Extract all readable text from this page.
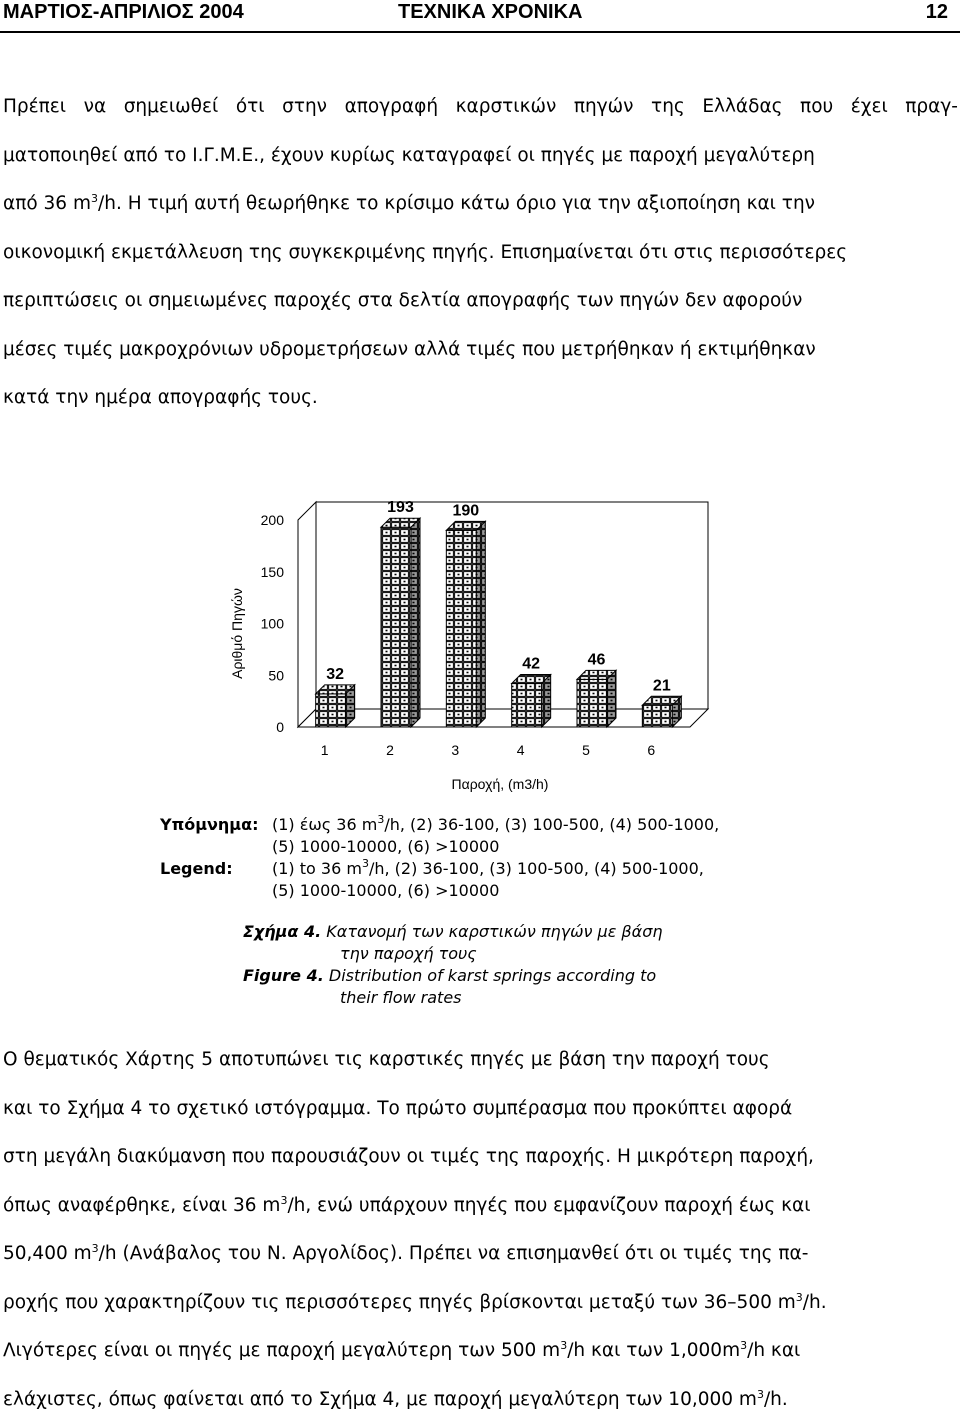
ΜΑΡΤΙΟΣ-ΑΠΡΙΛΙΟΣ 2004	ΤΕΧΝΙΚΑ ΧΡΟΝΙΚΑ	12
Πρέπει να σημειωθεί ότι στην απογραφή καρστικών πηγών της Ελλάδας που έχει πραγ-
ματοποιηθεί από το Ι.Γ.Μ.Ε., έχουν κυρίως καταγραφεί οι πηγές με παροχή μεγαλύτερη
από 36 $m^3/h$. Η τιμή αυτή θεωρήθηκε το κρίσιμο κάτω όριο για την αξιοποίηση και την
οικονομική εκμετάλλευση της συγκεκριμένης πηγής. Επισημαίνεται ότι στις περισσότερες
περιπτώσεις οι σημειωμένες παροχές στα δελτία απογραφής των πηγών δεν αφορούν
μέσες τιμές μακροχρόνιων υδρομετρήσεων αλλά τιμές που μετρήθηκαν ή εκτιμήθηκαν
κατά την ημέρα απογραφής τους.
0
50
100
150
200
Αριθμό Πηγών	32
1
193
2
190
3
42
4
46
5
21
6
Παροχή, (m3/h)
Υπόμνημα: (1) έως 36 $m^3/h$, (2) 36-100, (3) 100-500, (4) 500-1000,
(5) 1000-10000, (6) >10000
Legend: (1) to 36 $m^3/h$, (2) 36-100, (3) 100-500, (4) 500-1000,
(5) 1000-10000, (6) >10000
Σχήμα 4. Κατανομή των καρστικών πηγών με βάση
την παροχή τους
Figure 4. Distribution of karst springs according to
their flow rates
Ο θεματικός Χάρτης 5 αποτυπώνει τις καρστικές πηγές με βάση την παροχή τους
και το Σχήμα 4 το σχετικό ιστόγραμμα. Το πρώτο συμπέρασμα που προκύπτει αφορά
στη μεγάλη διακύμανση που παρουσιάζουν οι τιμές της παροχής. Η μικρότερη παροχή,
όπως αναφέρθηκε, είναι 36 $m^3/h$, ενώ υπάρχουν πηγές που εμφανίζουν παροχή έως και
50,400 $m^3/h$ (Ανάβαλος του Ν. Αργολίδος). Πρέπει να επισημανθεί ότι οι τιμές της πα-
ροχής που χαρακτηρίζουν τις περισσότερες πηγές βρίσκονται μεταξύ των 36–500 $m^3/h$.
Λιγότερες είναι οι πηγές με παροχή μεγαλύτερη των 500 $m^3/h$ και των $1,000m^3/h$ και
ελάχιστες, όπως φαίνεται από το Σχήμα 4, με παροχή μεγαλύτερη των 10,000 $m^3/h$.
